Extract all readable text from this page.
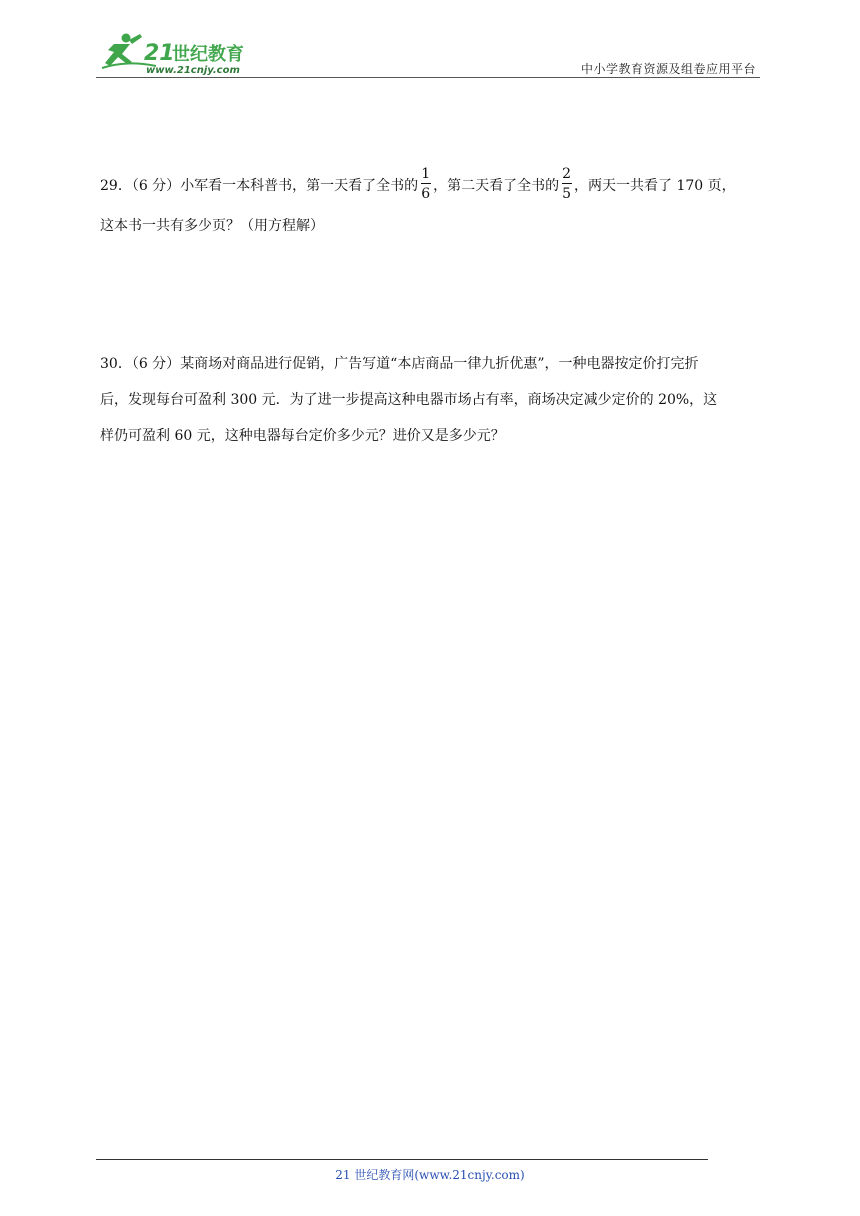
21
世纪教育
www.21cnjy.com	中小学教育资源及组卷应用平台
29．（6 分）小军看一本科普书，第一天看了全书的 $\frac{1}{6}$ ，第二天看了全书的 $\frac{2}{5}$ ，两天一共看了 170 页，
这本书一共有多少页？（用方程解）
30．（6 分）某商场对商品进行促销，广告写道“本店商品一律九折优惠”，一种电器按定价打完折
后，发现每台可盈利 300 元．为了进一步提高这种电器市场占有率，商场决定减少定价的 20%，这
样仍可盈利 60 元，这种电器每台定价多少元？进价又是多少元？
21 世纪教育网(www.21cnjy.com)
